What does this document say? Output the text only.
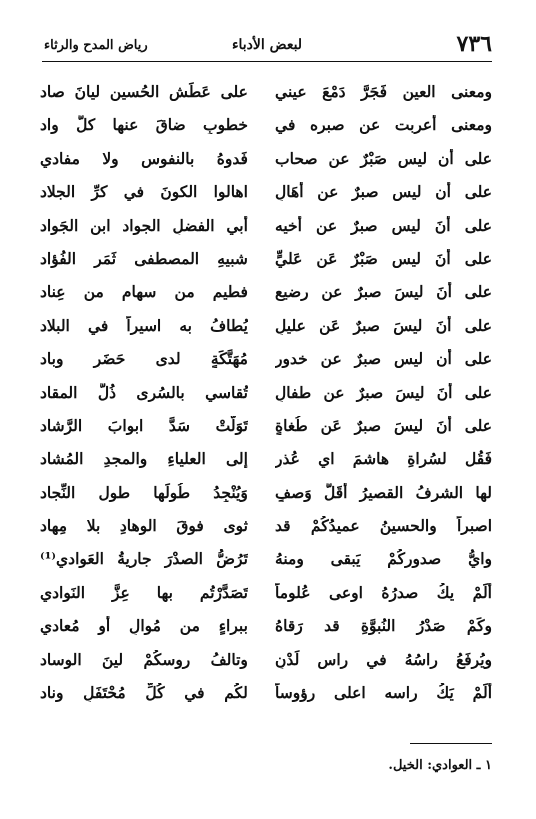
رياض المدح والرثاء	لبعض الأدباء	٧٣٦
ومعنى العين فَجَرَّ دَمْعَ عيني
على عَطَشِ الحُسينِ ليانَ صاد
ومعنى أعربت عن صبره في
خطوبٍ ضاقَ عنها كلُّ واد
على أن ليس صَبْرٌ عن صحاب
فَدوهُ بالنفوس ولا مفادي
على أن ليس صبرٌ عن أهَالٍ
اهالوا الكونَ في كرِّ الجلاد
على أنَ ليس صبرٌ عن أخيه
أبي الفضلِ الجواد ابنِ الجَواد
على أنَ ليس صَبْرٌ عَن عَليٍّ
شبيهِ المصطفى ثَمَرِ الفُؤاد
على أنَ ليسَ صبرٌ عن رضيعٍ
فطيمٍ من سهامٍ من عِناد
على أنَ ليسَ صبرٌ عَن عليلٍ
يُطافُ به اسيراً في البلاد
على أن ليس صبرٌ عن خدور
مُهَتَّكَةٍ لدى حَضَرٍ وباد
على أنَ ليسَ صبرٌ عن طفالٍ
تُقاسي بالسُرى ذُلَّ المقاد
على أنَ ليسَ صبرٌ عَن طُغاةٍ
تَوَلَّتْ سَدَّ ابوابَ الرَّشاد
فَقُل لسُراةِ هاشمَ اي عُذرٍ
إلى العلياءِ والمجدِ المُشاد
لها الشرفُ القصيرُ أقَلُّ وَصفٍ
وَيُنْجِدُ طُولَها طول النِّجاد
اصبراً والحسينُ عميدُكُمْ قد
ثوى فوقَ الوِهادِ بلا مِهاد
وايُّ صدورِكُمْ يَبقى ومنهُ
تَرُضُّ الصدْرَ جاريةُ العَوادي⁽¹⁾
ألَمْ يكُ صدرُهُ اوعى عُلوماً
تَصَدَّرْتُم بها عِزَّ النَوادي
وكَمْ صَدْرُ النُبوَّةِ قد رَقاهُ
ببراءٍ من مُوالٍ أو مُعادي
ويُرفَعُ راسُهُ في راسِ لَدْنٍ
وتالفُ روسكُمْ لينَ الوِساد
ألَمْ يَكُ راسه اعلى رؤوساً
لكُم في كُلِّ مُحْتَفَلٍ وناد
١ ـ العوادي: الخيل.
